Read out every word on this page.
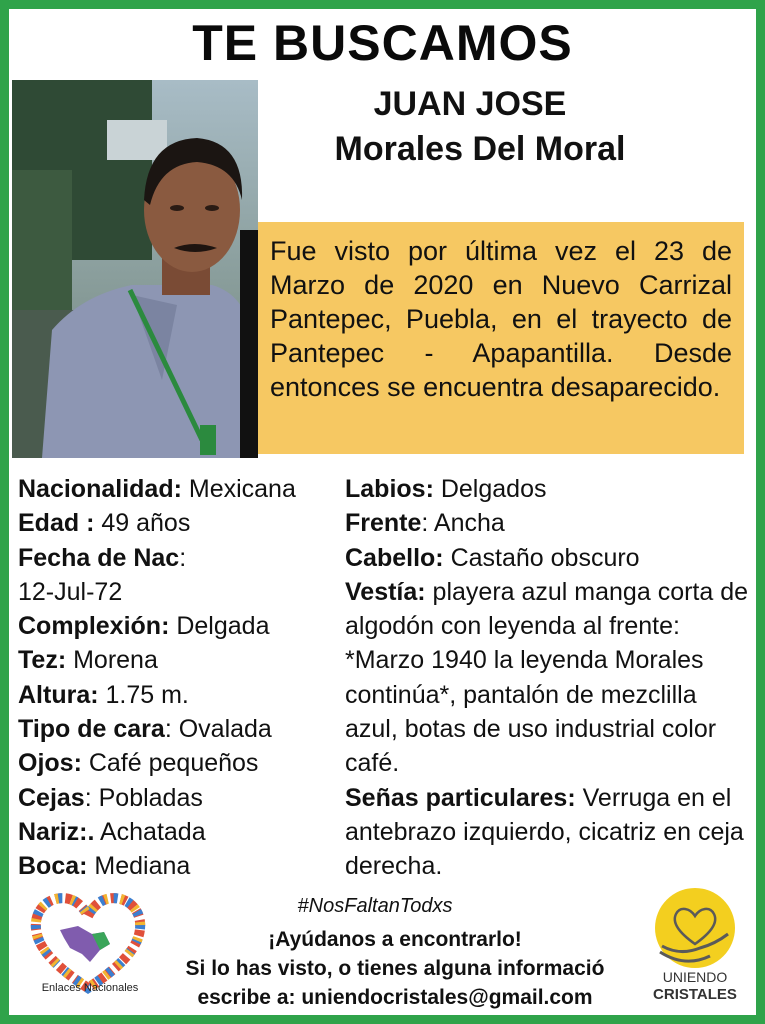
TE BUSCAMOS
JUAN JOSE
Morales Del Moral
Fue visto por última vez el 23 de Marzo de 2020 en Nuevo Carrizal Pantepec, Puebla, en el trayecto de Pantepec - Apapantilla. Desde entonces se encuentra desaparecido.
Nacionalidad: Mexicana
Edad : 49 años
Fecha de Nac:
12-Jul-72
Complexión: Delgada
Tez: Morena
Altura: 1.75 m.
Tipo de cara: Ovalada
Ojos: Café pequeños
Cejas: Pobladas
Nariz:. Achatada
Boca: Mediana
Labios: Delgados
Frente: Ancha
Cabello: Castaño obscuro
Vestía: playera azul manga corta de algodón con leyenda al frente: *Marzo 1940 la leyenda Morales continúa*, pantalón de mezclilla azul, botas de uso industrial color café.
Señas particulares: Verruga en el antebrazo izquierdo, cicatriz en ceja derecha.
Enlaces Nacionales
#NosFaltanTodxs
¡Ayúdanos a encontrarlo!
Si lo has visto, o tienes alguna informació
escribe a: uniendocristales@gmail.com
UNIENDO
CRISTALES
